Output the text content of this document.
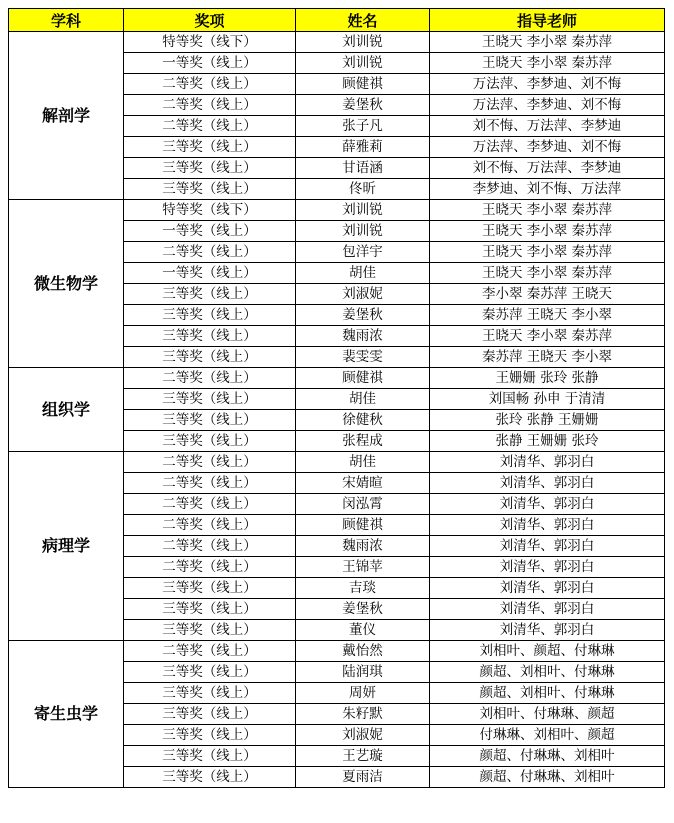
学科	奖项	姓名	指导老师
解剖学	特等奖（线下）	刘训锐	王晓天 李小翠 秦苏萍
	一等奖（线上）	刘训锐	王晓天 李小翠 秦苏萍
	二等奖（线上）	顾健祺	万法萍、李梦迪、刘不悔
	二等奖（线上）	姜堡秋	万法萍、李梦迪、刘不悔
	二等奖（线上）	张子凡	刘不悔、万法萍、李梦迪
	三等奖（线上）	薛雅莉	万法萍、李梦迪、刘不悔
	三等奖（线上）	甘语涵	刘不悔、万法萍、李梦迪
	三等奖（线上）	佟昕	李梦迪、刘不悔、万法萍
微生物学	特等奖（线下）	刘训锐	王晓天 李小翠 秦苏萍
	一等奖（线上）	刘训锐	王晓天 李小翠 秦苏萍
	二等奖（线上）	包洋宇	王晓天 李小翠 秦苏萍
	一等奖（线上）	胡佳	王晓天 李小翠 秦苏萍
	三等奖（线上）	刘淑妮	李小翠 秦苏萍 王晓天
	三等奖（线上）	姜堡秋	秦苏萍 王晓天 李小翠
	三等奖（线上）	魏雨浓	王晓天 李小翠 秦苏萍
	三等奖（线上）	裴雯雯	秦苏萍 王晓天 李小翠
组织学	二等奖（线上）	顾健祺	王姗姗 张玲 张静
	三等奖（线上）	胡佳	刘国畅 孙申 于清清
	三等奖（线上）	徐健秋	张玲 张静 王姗姗
	三等奖（线上）	张程成	张静 王姗姗 张玲
病理学	二等奖（线上）	胡佳	刘清华、郭羽白
	二等奖（线上）	宋婧暄	刘清华、郭羽白
	二等奖（线上）	闵泓霄	刘清华、郭羽白
	二等奖（线上）	顾健祺	刘清华、郭羽白
	二等奖（线上）	魏雨浓	刘清华、郭羽白
	二等奖（线上）	王锦苹	刘清华、郭羽白
	三等奖（线上）	吉琰	刘清华、郭羽白
	三等奖（线上）	姜堡秋	刘清华、郭羽白
	三等奖（线上）	董仪	刘清华、郭羽白
寄生虫学	二等奖（线上）	戴怡然	刘相叶、颜超、付琳琳
	三等奖（线上）	陆润琪	颜超、刘相叶、付琳琳
	三等奖（线上）	周妍	颜超、刘相叶、付琳琳
	三等奖（线上）	朱籽默	刘相叶、付琳琳、颜超
	三等奖（线上）	刘淑妮	付琳琳、刘相叶、颜超
	三等奖（线上）	王艺璇	颜超、付琳琳、刘相叶
	三等奖（线上）	夏雨洁	颜超、付琳琳、刘相叶
